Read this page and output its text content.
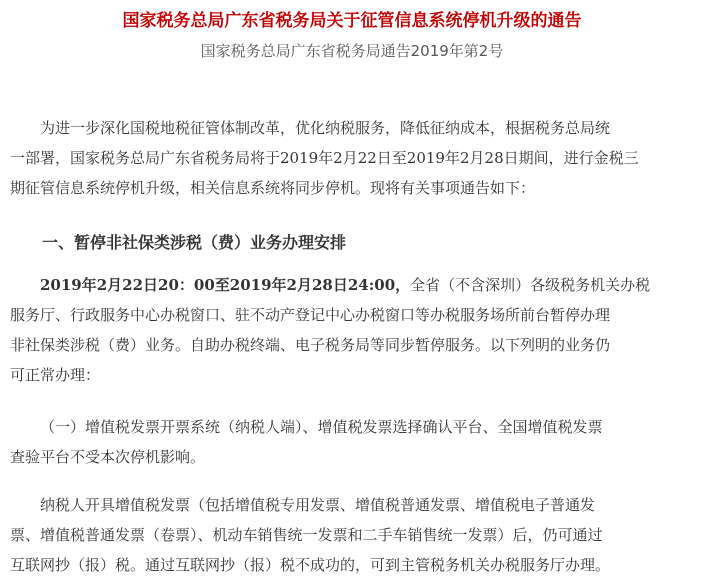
国家税务总局广东省税务局关于征管信息系统停机升级的通告
国家税务总局广东省税务局通告2019年第2号

为进一步深化国税地税征管体制改革，优化纳税服务，降低征纳成本，根据税务总局统
一部署，国家税务总局广东省税务局将于2019年2月22日至2019年2月28日期间，进行金税三
期征管信息系统停机升级，相关信息系统将同步停机。现将有关事项通告如下：

一、暂停非社保类涉税（费）业务办理安排

2019年2月22日20：00至2019年2月28日24:00，全省（不含深圳）各级税务机关办税
服务厅、行政服务中心办税窗口、驻不动产登记中心办税窗口等办税服务场所前台暂停办理
非社保类涉税（费）业务。自助办税终端、电子税务局等同步暂停服务。以下列明的业务仍
可正常办理：

（一）增值税发票开票系统（纳税人端）、增值税发票选择确认平台、全国增值税发票
查验平台不受本次停机影响。

纳税人开具增值税发票（包括增值税专用发票、增值税普通发票、增值税电子普通发
票、增值税普通发票（卷票）、机动车销售统一发票和二手车销售统一发票）后，仍可通过
互联网抄（报）税。通过互联网抄（报）税不成功的，可到主管税务机关办税服务厅办理。
